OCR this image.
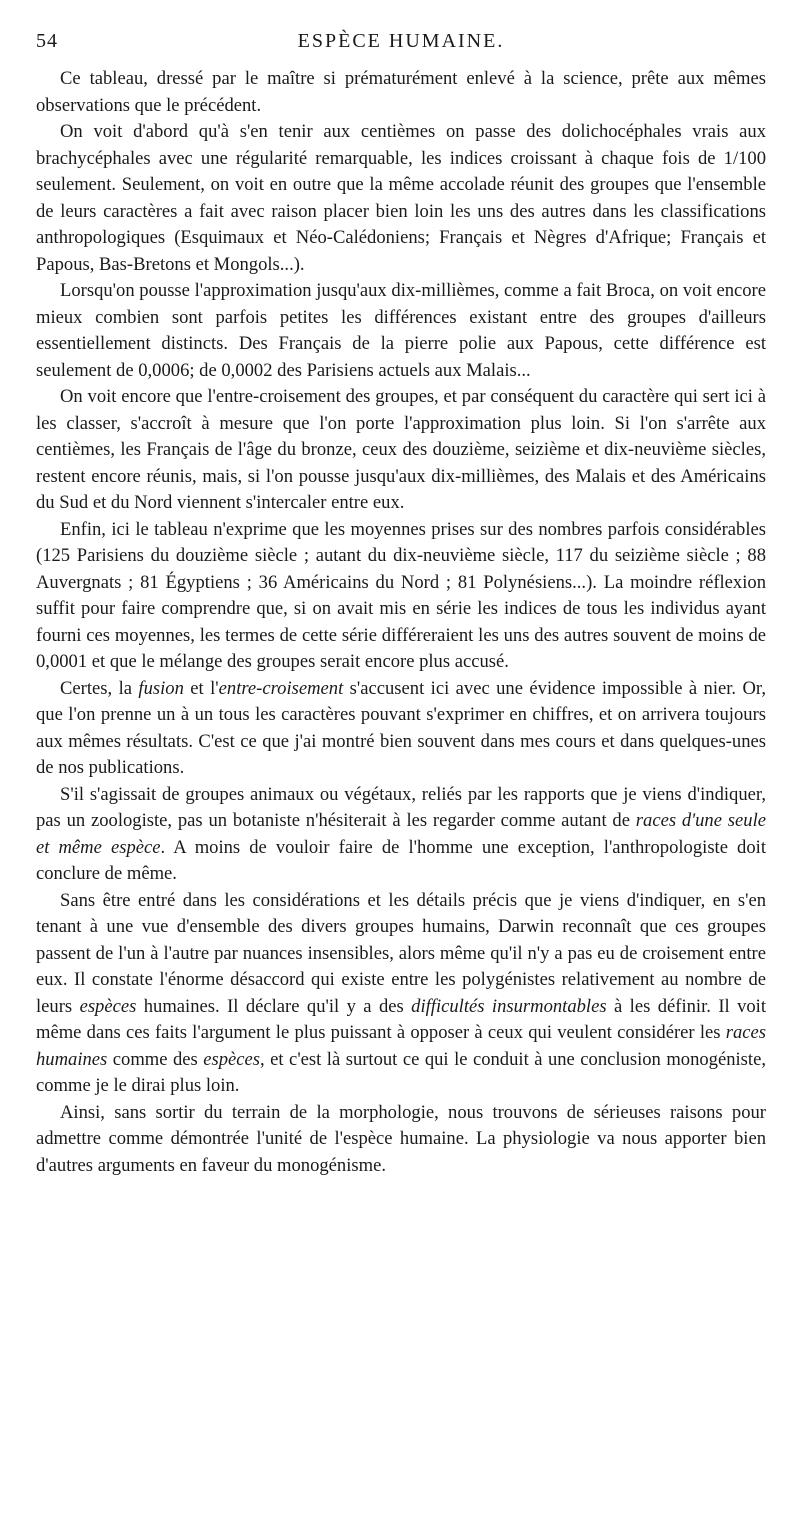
54	ESPÈCE HUMAINE.

Ce tableau, dressé par le maître si prématurément enlevé à la science, prête aux mêmes observations que le précédent.

On voit d'abord qu'à s'en tenir aux centièmes on passe des dolichocéphales vrais aux brachycéphales avec une régularité remarquable, les indices croissant à chaque fois de 1/100 seulement. Seulement, on voit en outre que la même accolade réunit des groupes que l'ensemble de leurs caractères a fait avec raison placer bien loin les uns des autres dans les classifications anthropologiques (Esquimaux et Néo-Calédoniens; Français et Nègres d'Afrique; Français et Papous, Bas-Bretons et Mongols...).

Lorsqu'on pousse l'approximation jusqu'aux dix-millièmes, comme a fait Broca, on voit encore mieux combien sont parfois petites les différences existant entre des groupes d'ailleurs essentiellement distincts. Des Français de la pierre polie aux Papous, cette différence est seulement de 0,0006; de 0,0002 des Parisiens actuels aux Malais...

On voit encore que l'entre-croisement des groupes, et par conséquent du caractère qui sert ici à les classer, s'accroît à mesure que l'on porte l'approximation plus loin. Si l'on s'arrête aux centièmes, les Français de l'âge du bronze, ceux des douzième, seizième et dix-neuvième siècles, restent encore réunis, mais, si l'on pousse jusqu'aux dix-millièmes, des Malais et des Américains du Sud et du Nord viennent s'intercaler entre eux.

Enfin, ici le tableau n'exprime que les moyennes prises sur des nombres parfois considérables (125 Parisiens du douzième siècle ; autant du dix-neuvième siècle, 117 du seizième siècle ; 88 Auvergnats ; 81 Égyptiens ; 36 Américains du Nord ; 81 Polynésiens...). La moindre réflexion suffit pour faire comprendre que, si on avait mis en série les indices de tous les individus ayant fourni ces moyennes, les termes de cette série différeraient les uns des autres souvent de moins de 0,0001 et que le mélange des groupes serait encore plus accusé.

Certes, la fusion et l'entre-croisement s'accusent ici avec une évidence impossible à nier. Or, que l'on prenne un à un tous les caractères pouvant s'exprimer en chiffres, et on arrivera toujours aux mêmes résultats. C'est ce que j'ai montré bien souvent dans mes cours et dans quelques-unes de nos publications.

S'il s'agissait de groupes animaux ou végétaux, reliés par les rapports que je viens d'indiquer, pas un zoologiste, pas un botaniste n'hésiterait à les regarder comme autant de races d'une seule et même espèce. A moins de vouloir faire de l'homme une exception, l'anthropologiste doit conclure de même.

Sans être entré dans les considérations et les détails précis que je viens d'indiquer, en s'en tenant à une vue d'ensemble des divers groupes humains, Darwin reconnaît que ces groupes passent de l'un à l'autre par nuances insensibles, alors même qu'il n'y a pas eu de croisement entre eux. Il constate l'énorme désaccord qui existe entre les polygénistes relativement au nombre de leurs espèces humaines. Il déclare qu'il y a des difficultés insurmontables à les définir. Il voit même dans ces faits l'argument le plus puissant à opposer à ceux qui veulent considérer les races humaines comme des espèces, et c'est là surtout ce qui le conduit à une conclusion monogéniste, comme je le dirai plus loin.

Ainsi, sans sortir du terrain de la morphologie, nous trouvons de sérieuses raisons pour admettre comme démontrée l'unité de l'espèce humaine. La physiologie va nous apporter bien d'autres arguments en faveur du monogénisme.
